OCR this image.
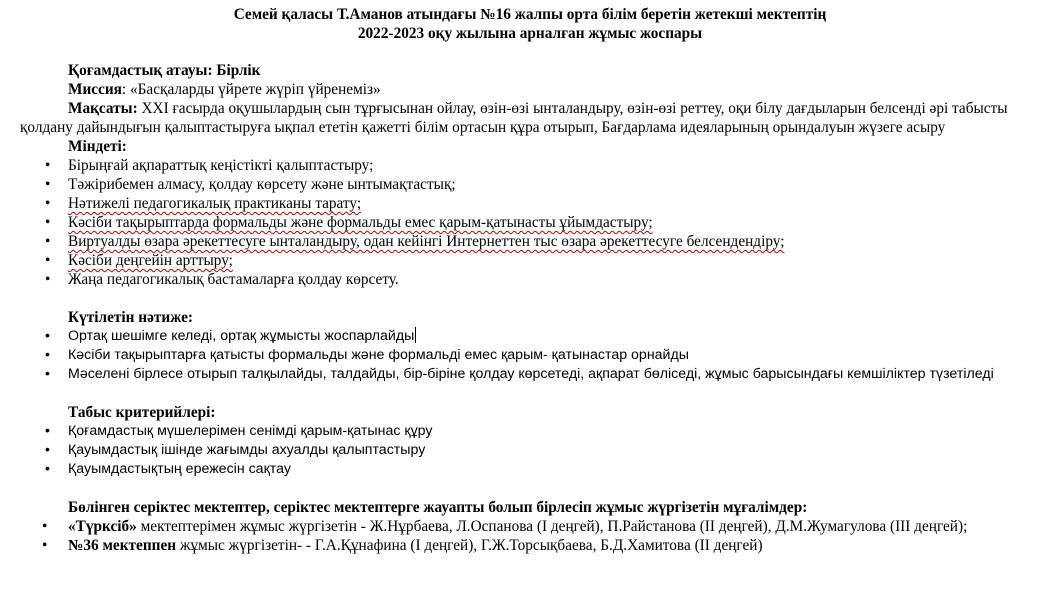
Семей қаласы Т.Аманов атындағы №16 жалпы орта білім беретін жетекші мектептің

2022-2023 оқу жылына арналған жұмыс жоспары

Қоғамдастық атауы: Бірлік

Миссия: «Басқаларды үйрете жүріп үйренеміз»

Мақсаты: XXI ғасырда оқушылардың сын тұрғысынан ойлау, өзін-өзі ынталандыру, өзін-өзі реттеу, оқи білу дағдыларын белсенді әрі табысты қолдану дайындығын қалыптастыруға ықпал ететін қажетті білім ортасын құра отырып, Бағдарлама идеяларының орындалуын жүзеге асыру

Міндеті:

• Бірыңғай ақпараттық кеңістікті қалыптастыру;
• Тәжірибемен алмасу, қолдау көрсету және ынтымақтастық;
• Нәтижелі педагогикалық практиканы тарату;
• Кәсіби тақырыптарда формальды және формальды емес қарым-қатынасты ұйымдастыру;
• Виртуалды өзара әрекеттесуге ынталандыру, одан кейінгі Интернеттен тыс өзара әрекеттесуге белсендендіру;
• Кәсіби деңгейін арттыру;
• Жаңа педагогикалық бастамаларға қолдау көрсету.

Күтілетін нәтиже:

• Ортақ шешімге келеді, ортақ жұмысты жоспарлайды
• Кәсіби тақырыптарға қатысты формальды және формальді емес қарым- қатынастар орнайды
• Мәселені бірлесе отырып талқылайды, талдайды, бір-біріне қолдау көрсетеді, ақпарат бөліседі, жұмыс барысындағы кемшіліктер түзетіледі

Табыс критерийлері:

• Қоғамдастық мүшелерімен сенімді қарым-қатынас құру
• Қауымдастық ішінде жағымды ахуалды қалыптастыру
• Қауымдастықтың ережесін сақтау

Бөлінген серіктес мектептер, серіктес мектептерге жауапты болып бірлесіп жұмыс жүргізетін мұғалімдер:

• «Түрксіб» мектептерімен жұмыс жүргізетін - Ж.Нұрбаева, Л.Оспанова (І деңгей), П.Райстанова (ІІ деңгей), Д.М.Жумагулова (ІІІ деңгей);
• №36 мектеппен жұмыс жүргізетін- - Г.А.Құнафина (І деңгей), Г.Ж.Торсықбаева, Б.Д.Хамитова (ІІ деңгей)
